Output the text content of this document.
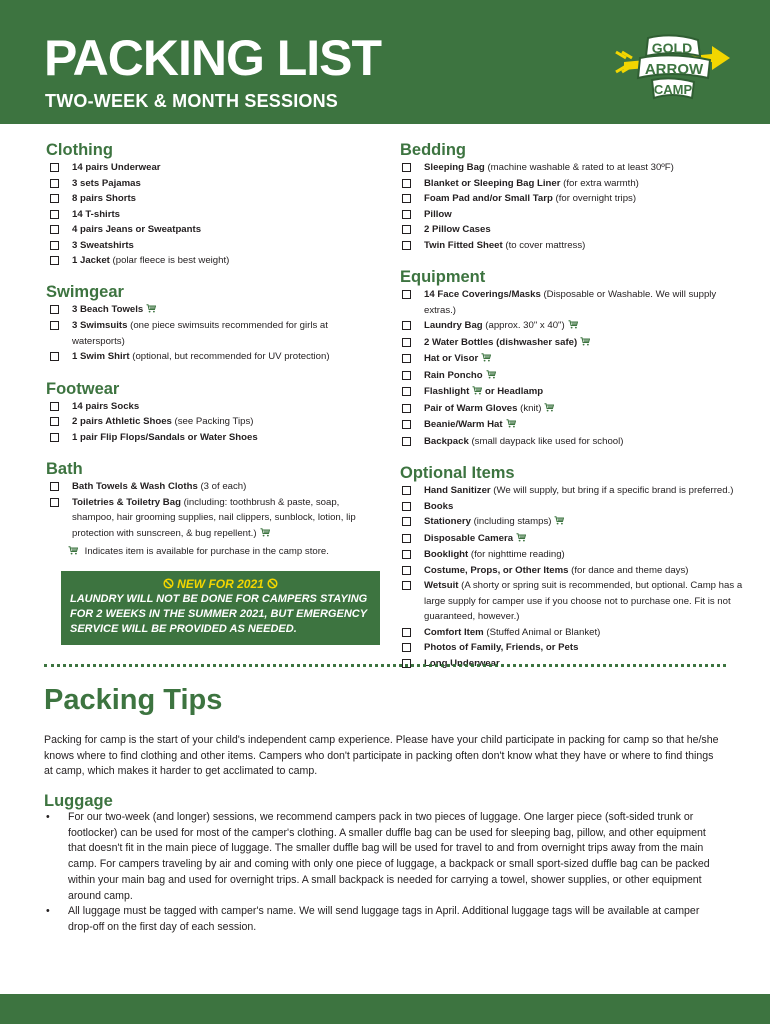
PACKING LIST
TWO-WEEK & MONTH SESSIONS
GOLD
ARROW
CAMP
Clothing
14 pairs Underwear
3 sets Pajamas
8 pairs Shorts
14 T-shirts
4 pairs Jeans or Sweatpants
3 Sweatshirts
1 Jacket (polar fleece is best weight)
Swimgear
3 Beach Towels
3 Swimsuits (one piece swimsuits recommended for girls at watersports)
1 Swim Shirt (optional, but recommended for UV protection)
Footwear
14 pairs Socks
2 pairs Athletic Shoes (see Packing Tips)
1 pair Flip Flops/Sandals or Water Shoes
Bath
Bath Towels & Wash Cloths (3 of each)
Toiletries & Toiletry Bag (including: toothbrush & paste, soap, shampoo, hair grooming supplies, nail clippers, sunblock, lotion, lip protection with sunscreen, & bug repellent.)
Indicates item is available for purchase in the camp store.
NEW FOR 2021
LAUNDRY WILL NOT BE DONE FOR CAMPERS STAYING FOR 2 WEEKS IN THE SUMMER 2021, BUT EMERGENCY SERVICE WILL BE PROVIDED AS NEEDED.
Bedding
Sleeping Bag (machine washable & rated to at least 30ºF)
Blanket or Sleeping Bag Liner (for extra warmth)
Foam Pad and/or Small Tarp (for overnight trips)
Pillow
2 Pillow Cases
Twin Fitted Sheet (to cover mattress)
Equipment
14 Face Coverings/Masks (Disposable or Washable. We will supply extras.)
Laundry Bag (approx. 30" x 40")
2 Water Bottles (dishwasher safe)
Hat or Visor
Rain Poncho
Flashlight or Headlamp
Pair of Warm Gloves (knit)
Beanie/Warm Hat
Backpack (small daypack like used for school)
Optional Items
Hand Sanitizer (We will supply, but bring if a specific brand is preferred.)
Books
Stationery (including stamps)
Disposable Camera
Booklight (for nighttime reading)
Costume, Props, or Other Items (for dance and theme days)
Wetsuit (A shorty or spring suit is recommended, but optional. Camp has a large supply for camper use if you choose not to purchase one. Fit is not guaranteed, however.)
Comfort Item (Stuffed Animal or Blanket)
Photos of Family, Friends, or Pets
Long Underwear
Packing Tips
Packing for camp is the start of your child's independent camp experience. Please have your child participate in packing for camp so that he/she knows where to find clothing and other items. Campers who don't participate in packing often don't know what they have or where to find things at camp, which makes it harder to get acclimated to camp.
Luggage
• For our two-week (and longer) sessions, we recommend campers pack in two pieces of luggage. One larger piece (soft-sided trunk or footlocker) can be used for most of the camper's clothing. A smaller duffle bag can be used for sleeping bag, pillow, and other equipment that doesn't fit in the main piece of luggage. The smaller duffle bag will be used for travel to and from overnight trips away from the main camp. For campers traveling by air and coming with only one piece of luggage, a backpack or small sport-sized duffle bag can be packed within your main bag and used for overnight trips. A small backpack is needed for carrying a towel, shower supplies, or other equipment around camp.
• All luggage must be tagged with camper's name. We will send luggage tags in April. Additional luggage tags will be available at camper drop-off on the first day of each session.
